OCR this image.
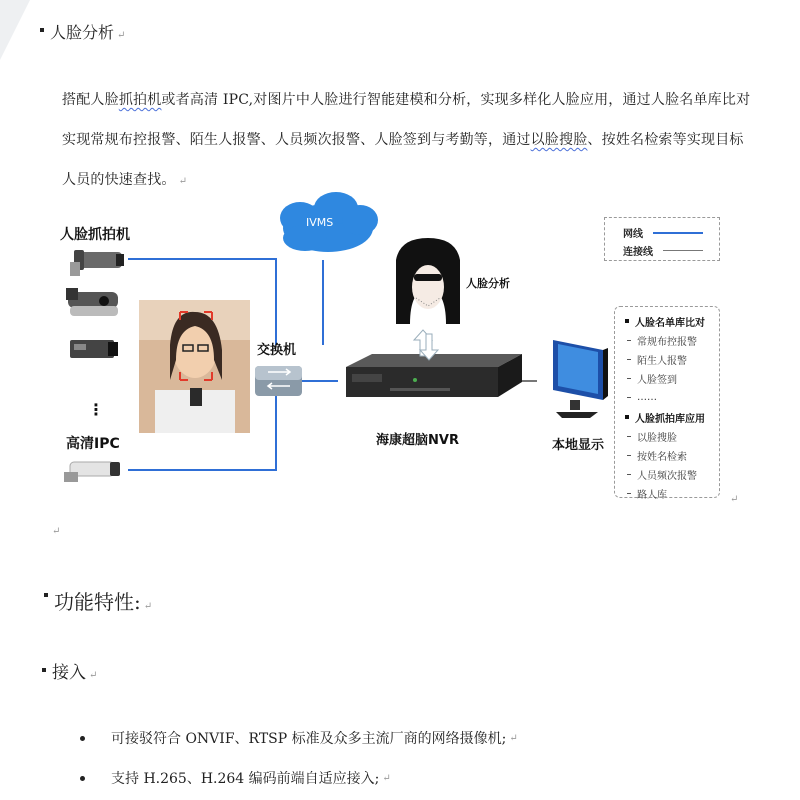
人脸分析 ↵
搭配人脸抓拍机或者高清 IPC,对图片中人脸进行智能建模和分析，实现多样化人脸应用，通过人脸名单库比对实现常规布控报警、陌生人报警、人员频次报警、人脸签到与考勤等，通过以脸搜脸、按姓名检索等实现目标人员的快速查找。 ↵
人脸抓拍机
⋮
高清IPC
IVMS
交换机
海康超脑NVR
人脸分析
本地显示
网线
连接线
人脸名单库比对
常规布控报警
陌生人报警
人脸签到
……
人脸抓拍库应用
以脸搜脸
按姓名检索
人员频次报警
路人库	↵
↵
功能特性: ↵
接入 ↵
可接驳符合 ONVIF、RTSP 标准及众多主流厂商的网络摄像机; ↵
支持 H.265、H.264 编码前端自适应接入; ↵
